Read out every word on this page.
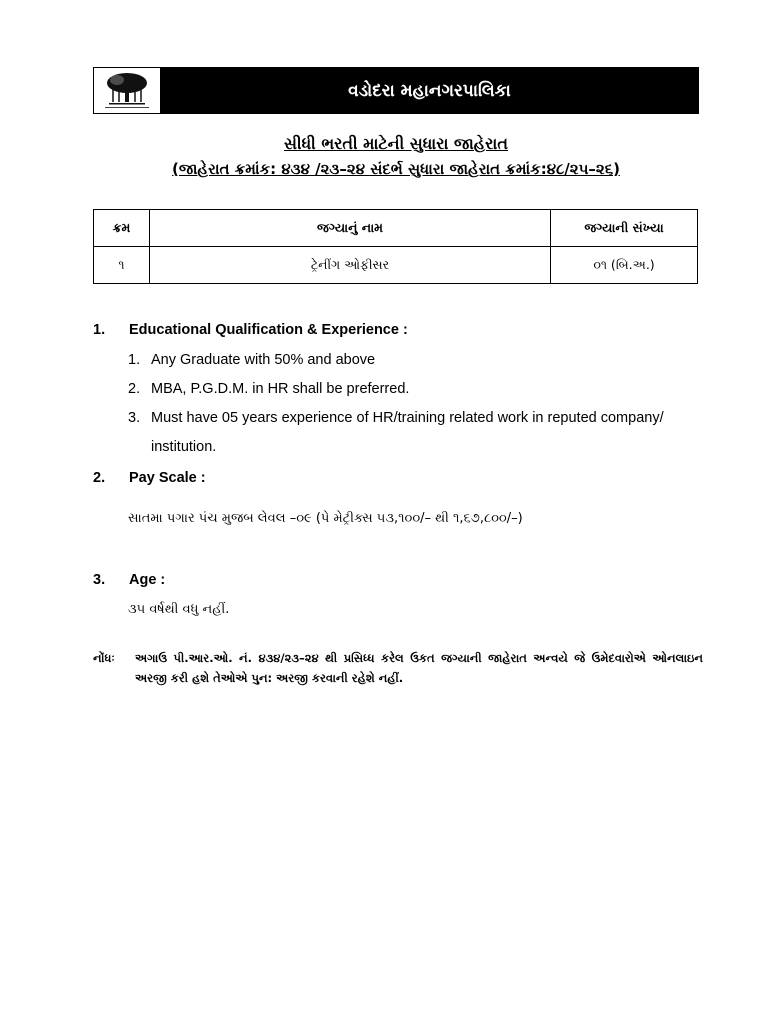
વડોદરા મહાનગરપાલિકા
સીધી ભરતી માટેની સુધારા જાહેરાત
(જાહેરાત ક્રમાંક: ૪૩૪ /૨૩–૨૪ સંદર્ભ સુધારા જાહેરાત ક્રમાંક:૪૮/૨૫–૨૬)
ક્રમ	જગ્યાનું નામ	જગ્યાની સંખ્યા
૧	ટ્રેનીંગ ઓફીસર	૦૧ (બિ.અ.)
1. Educational Qualification & Experience :
1. Any Graduate with 50% and above
2. MBA, P.G.D.M. in HR shall be preferred.
3. Must have 05 years experience of HR/training related work in reputed company/
institution.
2. Pay Scale :
સાતમા પગાર પંચ મુજબ લેવલ –૦૯ (પે મેટ્રીક્સ ૫૩,૧૦૦/– થી ૧,૬૭,૮૦૦/–)
3. Age :
૩૫ વર્ષથી વધુ નહીં.
નોંધઃ	અગાઉ પી.આર.ઓ. નં. ૪૩૪/૨૩–૨૪ થી પ્રસિધ્ધ કરેલ ઉકત જગ્યાની જાહેરાત અન્વયે જે ઉમેદવારોએ ઓનલાઇન અરજી કરી હશે તેઓએ પુન: અરજી કરવાની રહેશે નહીં.
